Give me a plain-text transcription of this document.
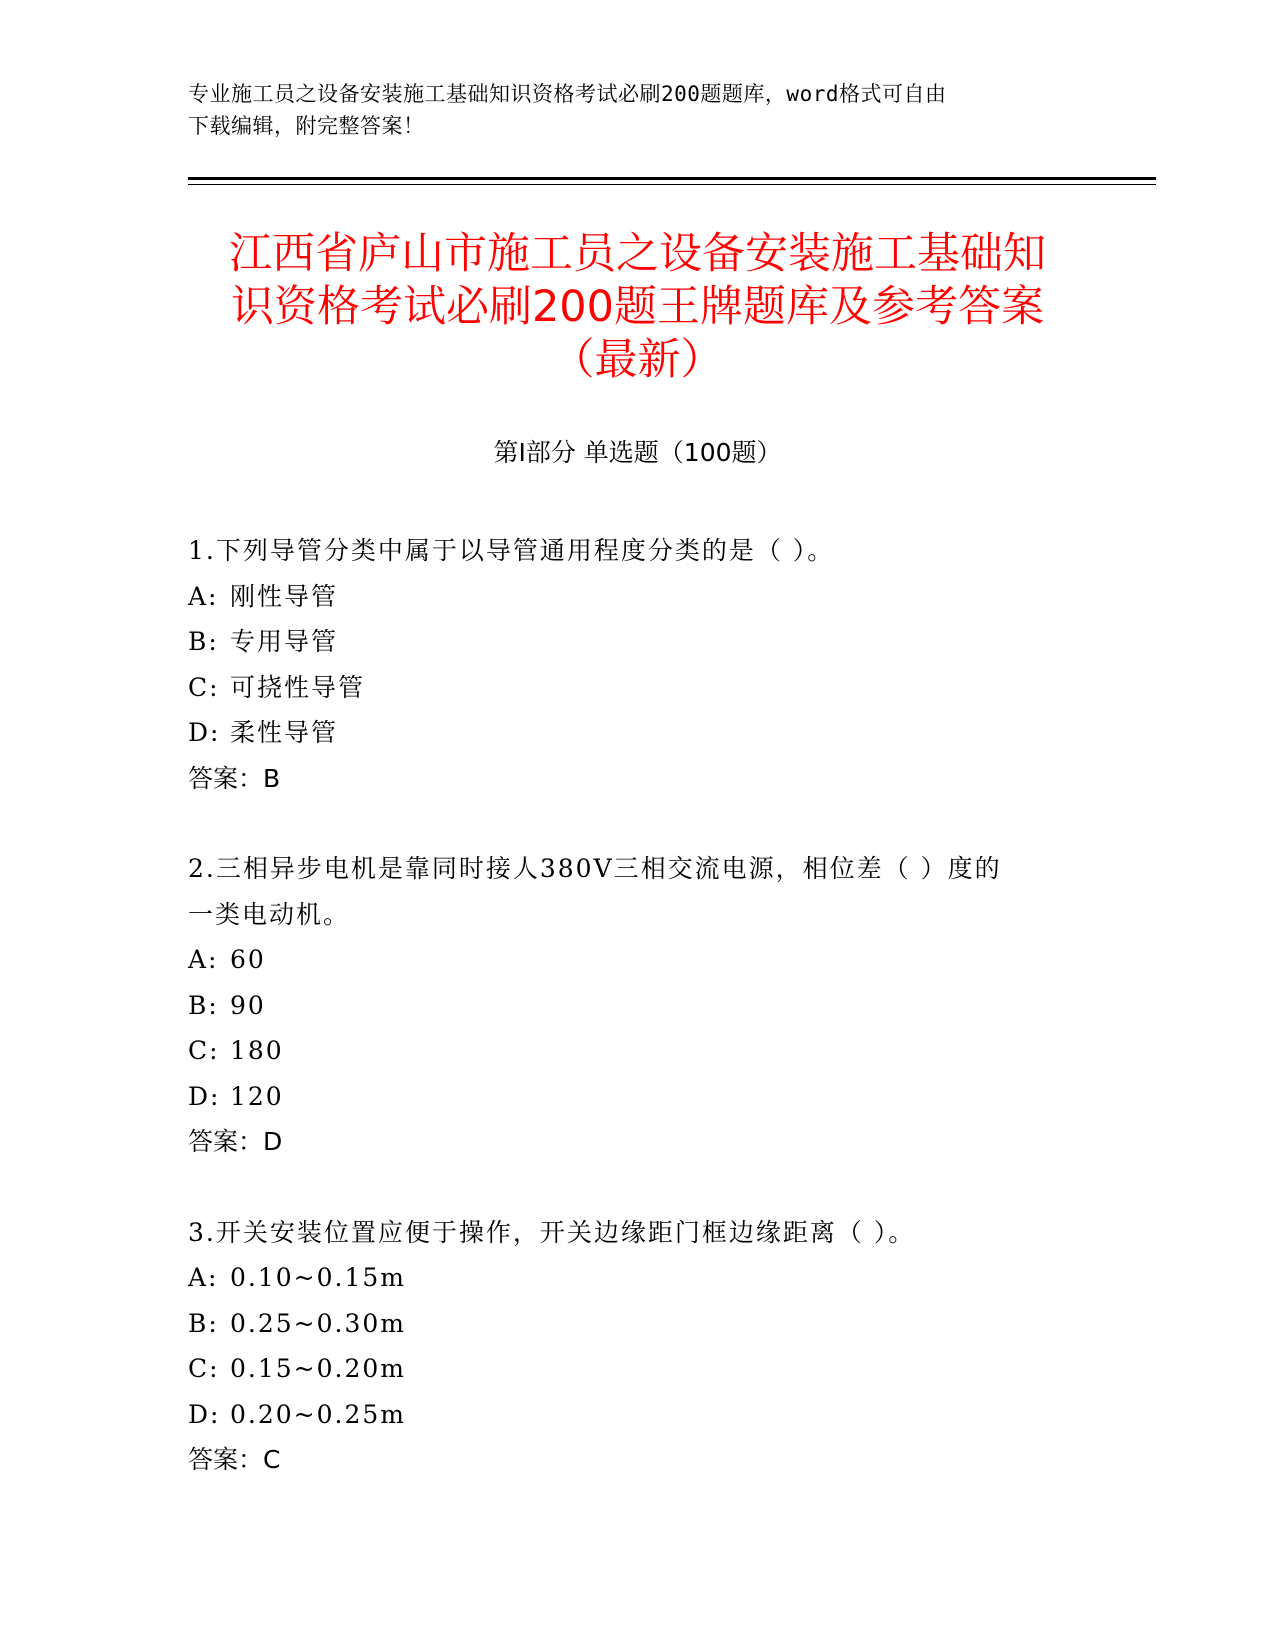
专业施工员之设备安装施工基础知识资格考试必刷200题题库，word格式可自由
下载编辑，附完整答案！
江西省庐山市施工员之设备安装施工基础知
识资格考试必刷200题王牌题库及参考答案
（最新）
第Ⅰ部分 单选题（100题）

1.下列导管分类中属于以导管通用程度分类的是（ ）。

A: 刚性导管

B: 专用导管

C: 可挠性导管

D: 柔性导管

答案：B

2.三相异步电机是靠同时接人380V三相交流电源，相位差（ ）度的

一类电动机。

A: 60

B: 90

C: 180

D: 120

答案：D

3.开关安装位置应便于操作，开关边缘距门框边缘距离（ ）。

A: 0.10~0.15m

B: 0.25~0.30m

C: 0.15~0.20m

D: 0.20~0.25m

答案：C
